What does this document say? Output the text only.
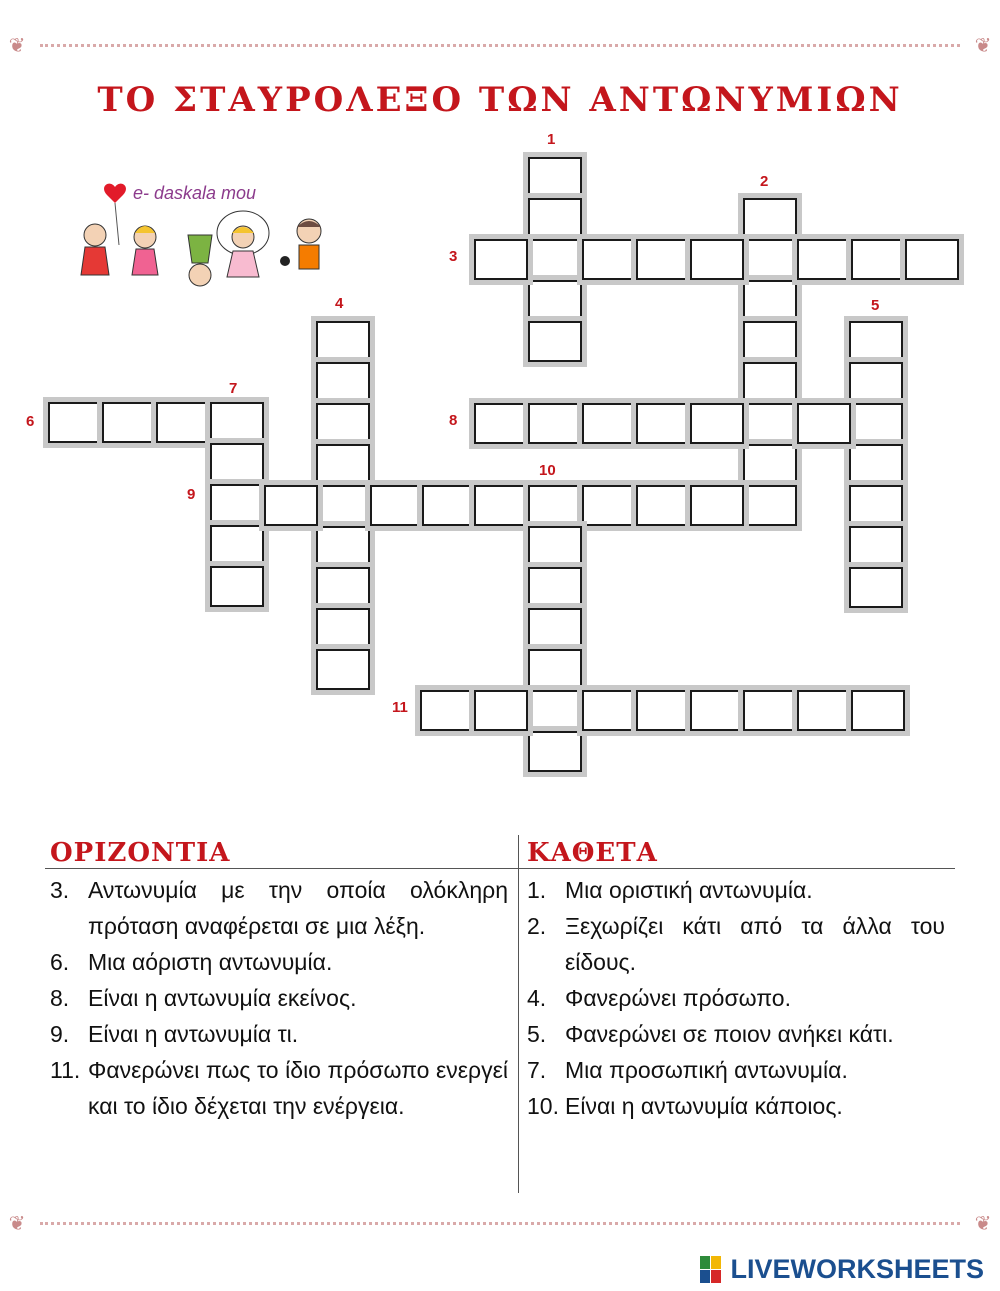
❦	❦
❦	❦
ΤΟ ΣΤΑΥΡΟΛΕΞΟ ΤΩΝ ΑΝΤΩΝΥΜΙΩΝ
e- daskala mou
1
2
3
4	5
6
7
8
9
10
11
ΟΡΙΖΟΝΤΙΑ	ΚΑΘΕΤΑ
3. Αντωνυμία με την οποία ολόκληρη πρόταση αναφέρεται σε μια λέξη.
6. Μια αόριστη αντωνυμία.
8. Είναι η αντωνυμία εκείνος.
9. Είναι η αντωνυμία τι.
11. Φανερώνει πως το ίδιο πρόσωπο ενεργεί και το ίδιο δέχεται την ενέργεια.
1. Μια οριστική αντωνυμία.
2. Ξεχωρίζει κάτι από τα άλλα του είδους.
4. Φανερώνει πρόσωπο.
5. Φανερώνει σε ποιον ανήκει κάτι.
7. Μια προσωπική αντωνυμία.
10. Είναι η αντωνυμία κάποιος.
LIVEWORKSHEETS
